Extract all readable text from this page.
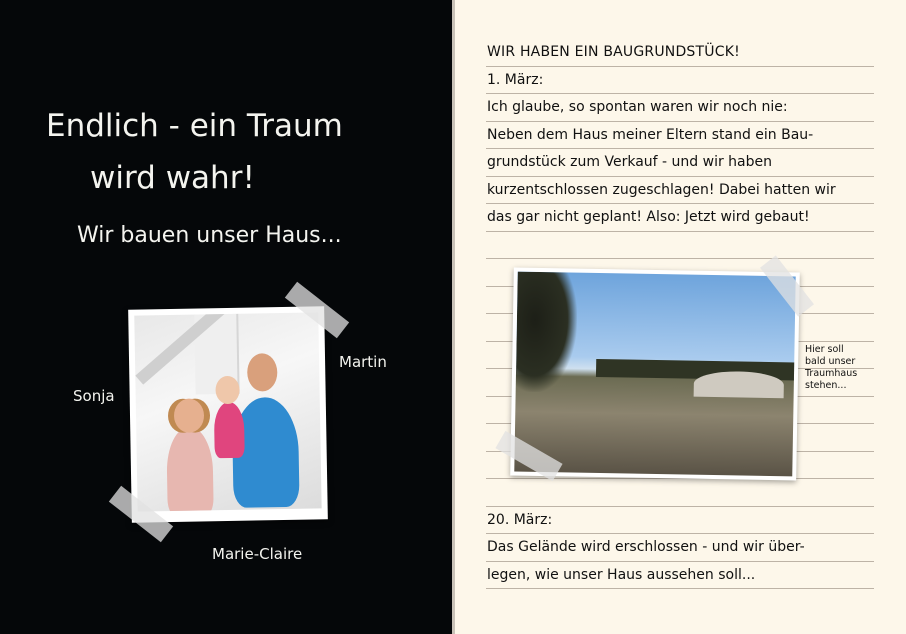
Endlich - ein Traum
wird wahr!
Wir bauen unser Haus...
Sonja
Martin
Marie-Claire
WIR HABEN EIN BAUGRUNDSTÜCK!
1. März:
Ich glaube, so spontan waren wir noch nie:
Neben dem Haus meiner Eltern stand ein Bau-
grundstück zum Verkauf - und wir haben
kurzentschlossen zugeschlagen! Dabei hatten wir
das gar nicht geplant! Also: Jetzt wird gebaut!
Hier soll
bald unser
Traumhaus
stehen...
20. März:
Das Gelände wird erschlossen - und wir über-
legen, wie unser Haus aussehen soll...
